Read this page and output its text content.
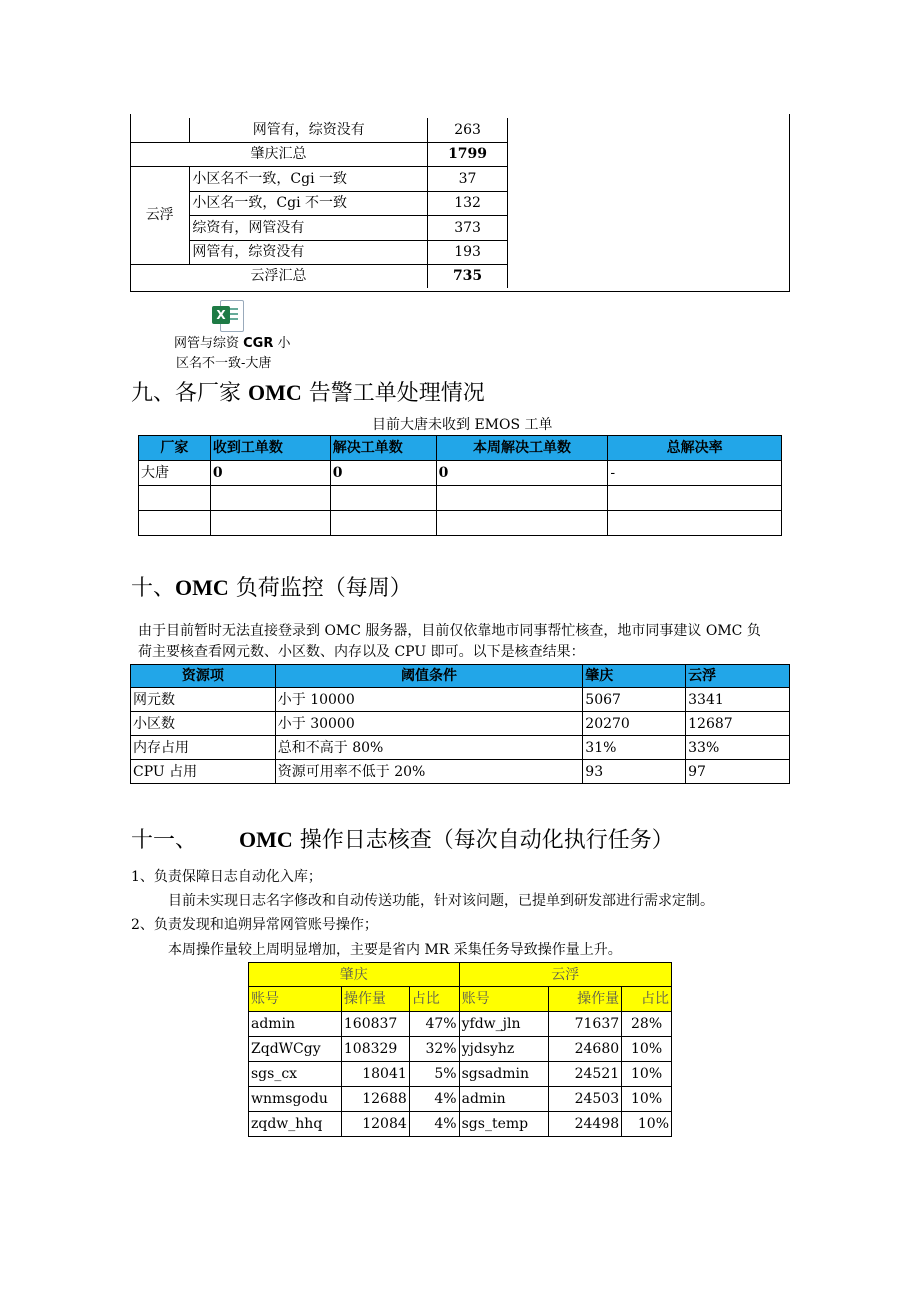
	网管有，综资没有	263
肇庆汇总		1799
云浮	小区名不一致，Cgi 一致	37
	小区名一致，Cgi 不一致	132
	综资有，网管没有	373
	网管有，综资没有	193
云浮汇总		735
X
网管与综资 CGR 小
区名不一致-大唐
九、各厂家 OMC 告警工单处理情况
目前大唐未收到 EMOS 工单
厂家	收到工单数	解决工单数	本周解决工单数	总解决率
大唐	0	0	0	-

十、OMC 负荷监控（每周）
由于目前暂时无法直接登录到 OMC 服务器，目前仅依靠地市同事帮忙核查，地市同事建议 OMC 负
荷主要核查看网元数、小区数、内存以及 CPU 即可。以下是核查结果：
资源项	阈值条件	肇庆	云浮
网元数	小于 10000	5067	3341
小区数	小于 30000	20270	12687
内存占用	总和不高于 80%	31%	33%
CPU 占用	资源可用率不低于 20%	93	97
十一、 OMC 操作日志核查（每次自动化执行任务）
1、负责保障日志自动化入库；
目前未实现日志名字修改和自动传送功能，针对该问题，已提单到研发部进行需求定制。
2、负责发现和追朔异常网管账号操作；
本周操作量较上周明显增加，主要是省内 MR 采集任务导致操作量上升。
肇庆			云浮		
账号	操作量	占比	账号	操作量	占比
admin	160837	47%	yfdw_jln	71637	28%
ZqdWCgy	108329	32%	yjdsyhz	24680	10%
sgs_cx	18041	5%	sgsadmin	24521	10%
wnmsgodu	12688	4%	admin	24503	10%
zqdw_hhq	12084	4%	sgs_temp	24498	10%
